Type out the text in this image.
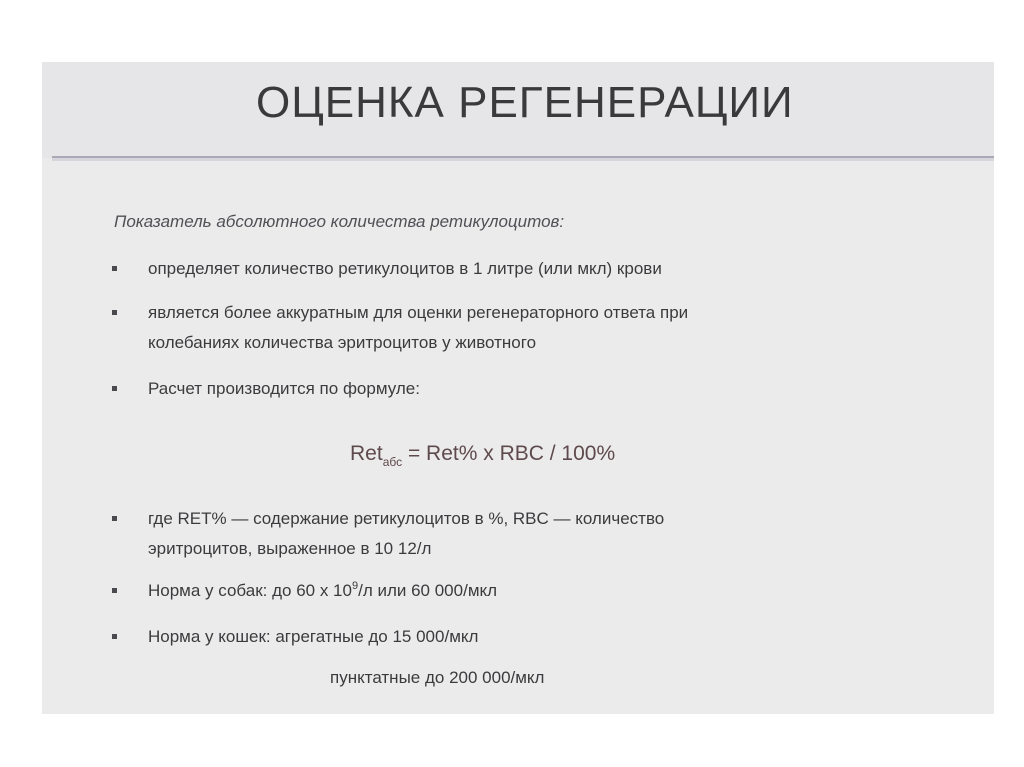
ОЦЕНКА РЕГЕНЕРАЦИИ
Показатель абсолютного количества ретикулоцитов:
определяет количество ретикулоцитов в 1 литре (или мкл) крови
является более аккуратным для оценки регенераторного ответа при
колебаниях количества эритроцитов у животного
Расчет производится по формуле:
Ret$_{абс}$ = Ret% x RBC / 100%
где RET% — содержание ретикулоцитов в %, RBC — количество
эритроцитов, выраженное в 10 12/л
Норма у собак: до 60 х $10^9/л$ или 60 000/мкл
Норма у кошек: агрегатные до 15 000/мкл
пунктатные до 200 000/мкл
